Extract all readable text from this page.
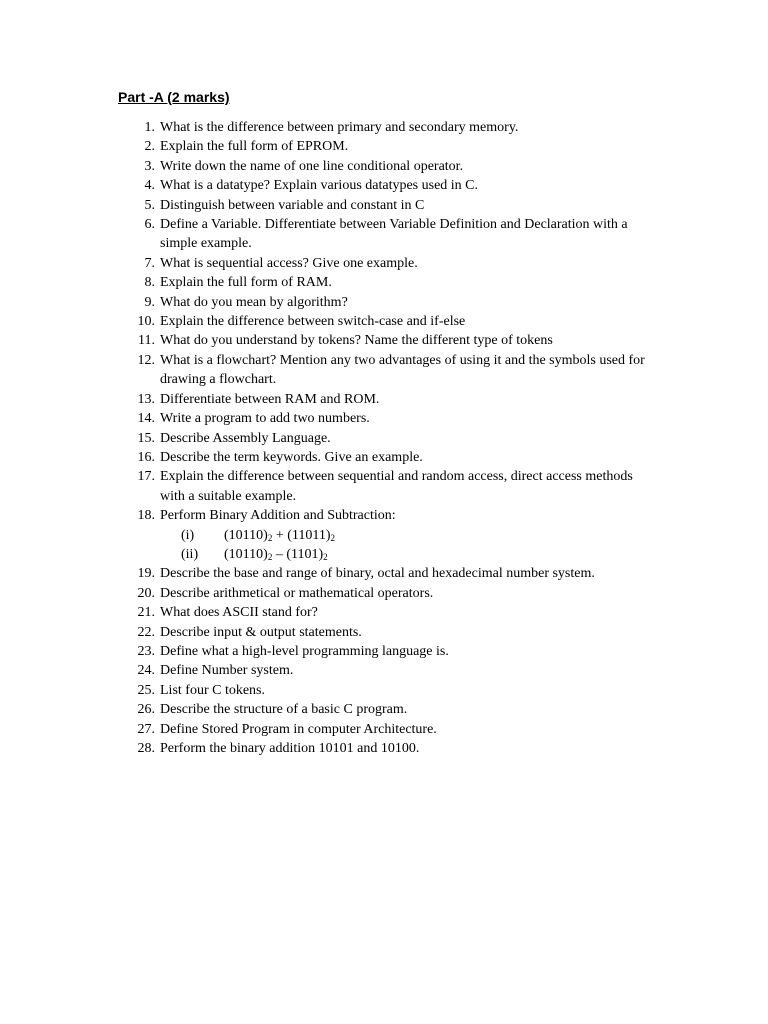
Part -A (2 marks)
1. What is the difference between primary and secondary memory.
2. Explain the full form of EPROM.
3. Write down the name of one line conditional operator.
4. What is a datatype? Explain various datatypes used in C.
5. Distinguish between variable and constant in C
6. Define a Variable. Differentiate between Variable Definition and Declaration with a simple example.
7. What is sequential access? Give one example.
8. Explain the full form of RAM.
9. What do you mean by algorithm?
10. Explain the difference between switch-case and if-else
11. What do you understand by tokens? Name the different type of tokens
12. What is a flowchart? Mention any two advantages of using it and the symbols used for drawing a flowchart.
13. Differentiate between RAM and ROM.
14. Write a program to add two numbers.
15. Describe Assembly Language.
16. Describe the term keywords. Give an example.
17. Explain the difference between sequential and random access, direct access methods with a suitable example.
18. Perform Binary Addition and Subtraction:
(i)	$(10110)_2 + (11011)_2$
(ii)	$(10110)_2 - (1101)_2$
19. Describe the base and range of binary, octal and hexadecimal number system.
20. Describe arithmetical or mathematical operators.
21. What does ASCII stand for?
22. Describe input & output statements.
23. Define what a high-level programming language is.
24. Define Number system.
25. List four C tokens.
26. Describe the structure of a basic C program.
27. Define Stored Program in computer Architecture.
28. Perform the binary addition 10101 and 10100.
